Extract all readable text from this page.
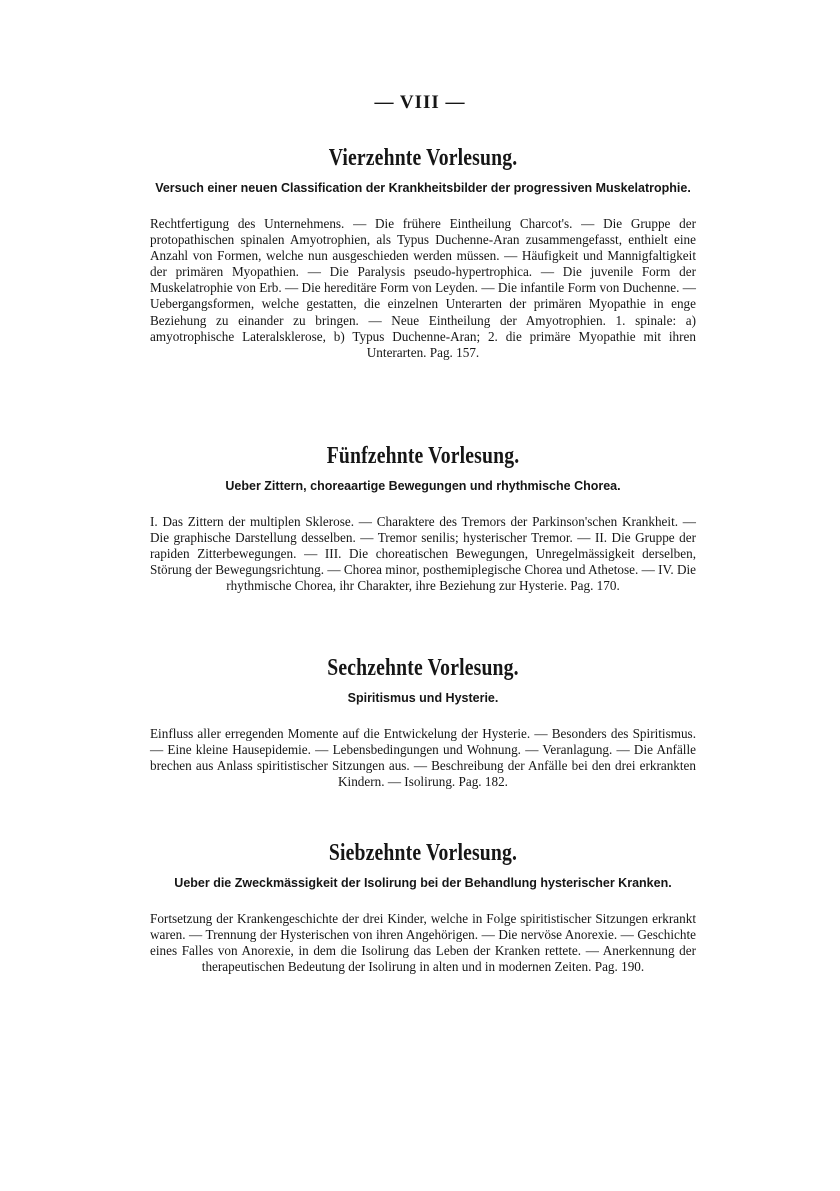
— VIII —
Vierzehnte Vorlesung.

Versuch einer neuen Classification der Krankheitsbilder der progressiven Muskelatrophie.

Rechtfertigung des Unternehmens. — Die frühere Eintheilung Charcot's. — Die Gruppe der protopathischen spinalen Amyotrophien, als Typus Duchenne-Aran zusammengefasst, enthielt eine Anzahl von Formen, welche nun ausgeschieden werden müssen. — Häufigkeit und Mannigfaltigkeit der primären Myopathien. — Die Paralysis pseudo-hypertrophica. — Die juvenile Form der Muskelatrophie von Erb. — Die hereditäre Form von Leyden. — Die infantile Form von Duchenne. — Uebergangsformen, welche gestatten, die einzelnen Unterarten der primären Myopathie in enge Beziehung zu einander zu bringen. — Neue Eintheilung der Amyotrophien. 1. spinale: a) amyotrophische Lateralsklerose, b) Typus Duchenne-Aran; 2. die primäre Myopathie mit ihren Unterarten. Pag. 157.

Fünfzehnte Vorlesung.

Ueber Zittern, choreaartige Bewegungen und rhythmische Chorea.

I. Das Zittern der multiplen Sklerose. — Charaktere des Tremors der Parkinson'schen Krankheit. — Die graphische Darstellung desselben. — Tremor senilis; hysterischer Tremor. — II. Die Gruppe der rapiden Zitterbewegungen. — III. Die choreatischen Bewegungen, Unregelmässigkeit derselben, Störung der Bewegungsrichtung. — Chorea minor, posthemiplegische Chorea und Athetose. — IV. Die rhythmische Chorea, ihr Charakter, ihre Beziehung zur Hysterie. Pag. 170.

Sechzehnte Vorlesung.

Spiritismus und Hysterie.

Einfluss aller erregenden Momente auf die Entwickelung der Hysterie. — Besonders des Spiritismus. — Eine kleine Hausepidemie. — Lebensbedingungen und Wohnung. — Veranlagung. — Die Anfälle brechen aus Anlass spiritistischer Sitzungen aus. — Beschreibung der Anfälle bei den drei erkrankten Kindern. — Isolirung. Pag. 182.

Siebzehnte Vorlesung.

Ueber die Zweckmässigkeit der Isolirung bei der Behandlung hysterischer Kranken.

Fortsetzung der Krankengeschichte der drei Kinder, welche in Folge spiritistischer Sitzungen erkrankt waren. — Trennung der Hysterischen von ihren Angehörigen. — Die nervöse Anorexie. — Geschichte eines Falles von Anorexie, in dem die Isolirung das Leben der Kranken rettete. — Anerkennung der therapeutischen Bedeutung der Isolirung in alten und in modernen Zeiten. Pag. 190.
